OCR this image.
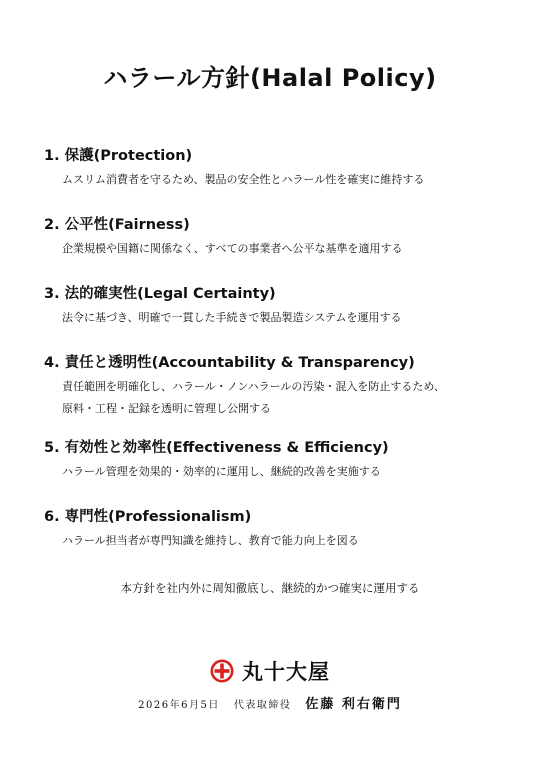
ハラール方針(Halal Policy)

1. 保護(Protection)

ムスリム消費者を守るため、製品の安全性とハラール性を確実に維持する

2. 公平性(Fairness)

企業規模や国籍に関係なく、すべての事業者へ公平な基準を適用する

3. 法的確実性(Legal Certainty)

法令に基づき、明確で一貫した手続きで製品製造システムを運用する

4. 責任と透明性(Accountability & Transparency)

責任範囲を明確化し、ハラール・ノンハラールの汚染・混入を防止するため、
原料・工程・記録を透明に管理し公開する

5. 有効性と効率性(Effectiveness & Efficiency)

ハラール管理を効果的・効率的に運用し、継続的改善を実施する

6. 専門性(Professionalism)

ハラール担当者が専門知識を維持し、教育で能力向上を図る

本方針を社内外に周知徹底し、継続的かつ確実に運用する

丸十大屋
2026年6月5日 代表取締役 佐藤 利右衛門
